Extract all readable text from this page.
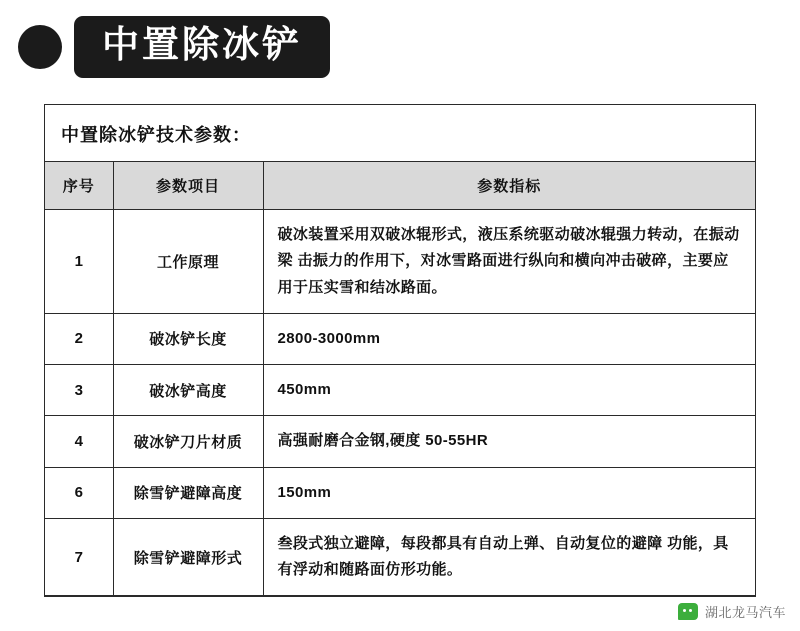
中置除冰铲
中置除冰铲技术参数：
序号	参数项目	参数指标
1	工作原理	破冰装置采用双破冰辊形式，液压系统驱动破冰辊强力转动，在振动梁 击振力的作用下，对冰雪路面进行纵向和横向冲击破碎，主要应用于压实雪和结冰路面。
2	破冰铲长度	2800-3000mm
3	破冰铲高度	450mm
4	破冰铲刀片材质	高强耐磨合金钢,硬度 50-55HR
6	除雪铲避障高度	150mm
7	除雪铲避障形式	叁段式独立避障，每段都具有自动上弹、自动复位的避障 功能，具有浮动和随路面仿形功能。
湖北龙马汽车
